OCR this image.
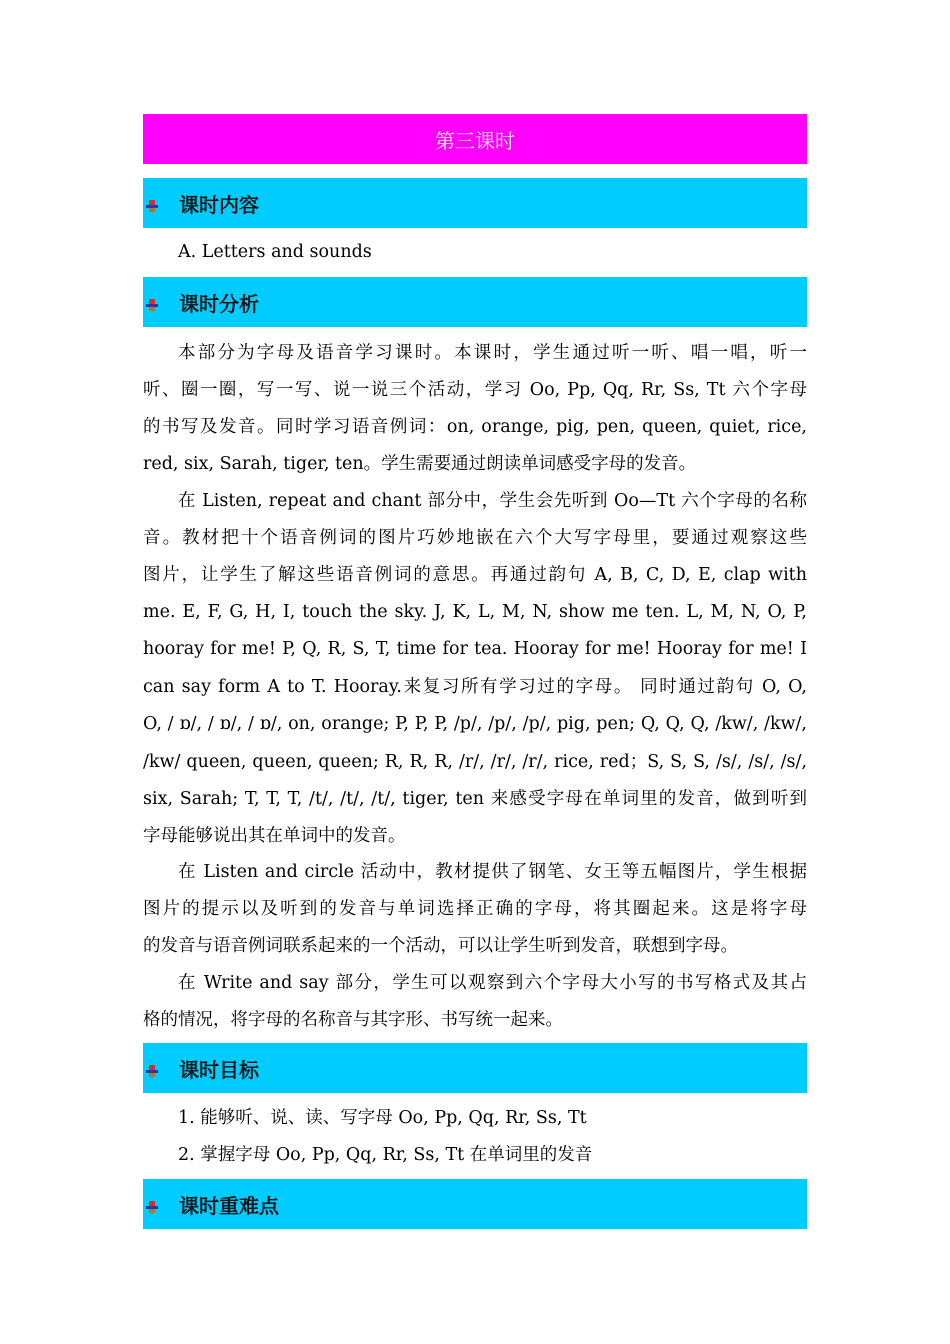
第三课时
课时内容
A. Letters and sounds
课时分析
本部分为字母及语音学习课时。本课时，学生通过听一听、唱一唱，听一
听、圈一圈，写一写、说一说三个活动，学习 Oo, Pp, Qq, Rr, Ss, Tt 六个字母
的书写及发音。同时学习语音例词：on, orange, pig, pen, queen, quiet, rice,
red, six, Sarah, tiger, ten。学生需要通过朗读单词感受字母的发音。
在 Listen, repeat and chant 部分中，学生会先听到 Oo—Tt 六个字母的名称
音。教材把十个语音例词的图片巧妙地嵌在六个大写字母里，要通过观察这些
图片，让学生了解这些语音例词的意思。再通过韵句 A, B, C, D, E, clap with
me. E, F, G, H, I, touch the sky. J, K, L, M, N, show me ten. L, M, N, O, P,
hooray for me! P, Q, R, S, T, time for tea. Hooray for me! Hooray for me! I
can say form A to T. Hooray.来复习所有学习过的字母。 同时通过韵句 O, O,
O, / ɒ/, / ɒ/, / ɒ/, on, orange; P, P, P, /p/, /p/, /p/, pig, pen; Q, Q, Q, /kw/, /kw/,
/kw/ queen, queen, queen; R, R, R, /r/, /r/, /r/, rice, red；S, S, S, /s/, /s/, /s/,
six, Sarah; T, T, T, /t/, /t/, /t/, tiger, ten 来感受字母在单词里的发音，做到听到
字母能够说出其在单词中的发音。
在 Listen and circle 活动中，教材提供了钢笔、女王等五幅图片，学生根据
图片的提示以及听到的发音与单词选择正确的字母，将其圈起来。这是将字母
的发音与语音例词联系起来的一个活动，可以让学生听到发音，联想到字母。
在 Write and say 部分，学生可以观察到六个字母大小写的书写格式及其占
格的情况，将字母的名称音与其字形、书写统一起来。
课时目标
1. 能够听、说、读、写字母 Oo, Pp, Qq, Rr, Ss, Tt
2. 掌握字母 Oo, Pp, Qq, Rr, Ss, Tt 在单词里的发音
课时重难点
